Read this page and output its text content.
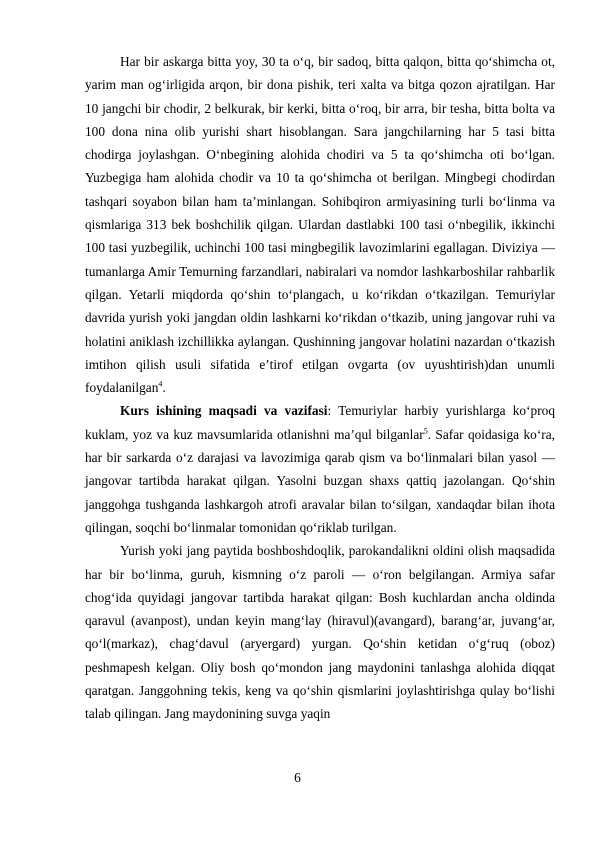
Har bir askarga bitta yoy, 30 ta oʻq, bir sadoq, bitta qalqon, bitta qoʻshimcha ot, yarim man ogʻirligida arqon, bir dona pishik, teri xalta va bitga qozon ajratilgan. Har 10 jangchi bir chodir, 2 belkurak, bir kerki, bitta oʻroq, bir arra, bir tesha, bitta bolta va 100 dona nina olib yurishi shart hisoblangan. Sara jangchilarning har 5 tasi bitta chodirga joylashgan. Oʻnbegining alohida chodiri va 5 ta qoʻshimcha oti boʻlgan. Yuzbegiga ham alohida chodir va 10 ta qoʻshimcha ot berilgan. Mingbegi chodirdan tashqari soyabon bilan ham taʼminlangan. Sohibqiron armiyasining turli boʻlinma va qismlariga 313 bek boshchilik qilgan. Ulardan dastlabki 100 tasi oʻnbegilik, ikkinchi 100 tasi yuzbegilik, uchinchi 100 tasi mingbegilik lavozimlarini egallagan. Diviziya — tumanlarga Amir Temurning farzandlari, nabiralari va nomdor lashkarboshilar rahbarlik qilgan. Yetarli miqdorda qoʻshin toʻplangach, u koʻrikdan oʻtkazilgan. Temuriylar davrida yurish yoki jangdan oldin lashkarni koʻrikdan oʻtkazib, uning jangovar ruhi va holatini aniklash izchillikka aylangan. Qushinning jangovar holatini nazardan oʻtkazish imtihon qilish usuli sifatida eʼtirof etilgan ovgarta (ov uyushtirish)dan unumli foydalanilgan$^4$.

Kurs ishining maqsadi va vazifasi: Temuriylar harbiy yurishlarga koʻproq kuklam, yoz va kuz mavsumlarida otlanishni maʼqul bilganlar$^5$. Safar qoidasiga koʻra, har bir sarkarda oʻz darajasi va lavozimiga qarab qism va boʻlinmalari bilan yasol — jangovar tartibda harakat qilgan. Yasolni buzgan shaxs qattiq jazolangan. Qoʻshin janggohga tushganda lashkargoh atrofi aravalar bilan toʻsilgan, xandaqdar bilan ihota qilingan, soqchi boʻlinmalar tomonidan qoʻriklab turilgan.

Yurish yoki jang paytida boshboshdoqlik, parokandalikni oldini olish maqsadida har bir boʻlinma, guruh, kismning oʻz paroli — oʻron belgilangan. Armiya safar chogʻida quyidagi jangovar tartibda harakat qilgan: Bosh kuchlardan ancha oldinda qaravul (avanpost), undan keyin mangʻlay (hiravul)(avangard), barangʻar, juvangʻar, qoʻl(markaz), chagʻdavul (aryergard) yurgan. Qoʻshin ketidan oʻgʻruq (oboz) peshmapesh kelgan. Oliy bosh qoʻmondon jang maydonini tanlashga alohida diqqat qaratgan. Janggohning tekis, keng va qoʻshin qismlarini joylashtirishga qulay boʻlishi talab qilingan. Jang maydonining suvga yaqin

6
